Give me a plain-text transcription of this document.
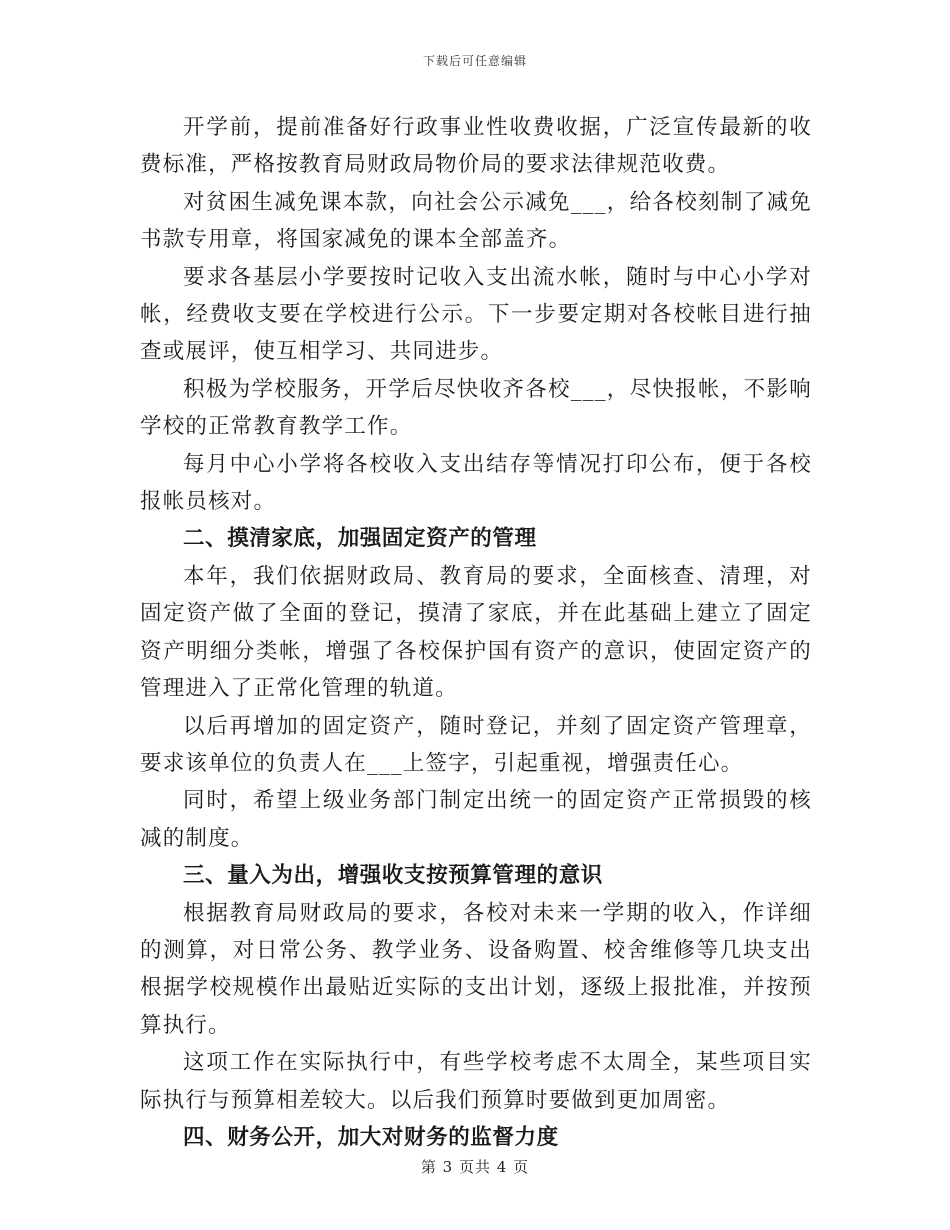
下载后可任意编辑

开学前，提前准备好行政事业性收费收据，广泛宣传最新的收费标准，严格按教育局财政局物价局的要求法律规范收费。

对贫困生减免课本款，向社会公示减免___，给各校刻制了减免书款专用章，将国家减免的课本全部盖齐。

要求各基层小学要按时记收入支出流水帐，随时与中心小学对帐，经费收支要在学校进行公示。下一步要定期对各校帐目进行抽查或展评，使互相学习、共同进步。

积极为学校服务，开学后尽快收齐各校___，尽快报帐，不影响学校的正常教育教学工作。

每月中心小学将各校收入支出结存等情况打印公布，便于各校报帐员核对。

二、摸清家底，加强固定资产的管理

本年，我们依据财政局、教育局的要求，全面核查、清理，对固定资产做了全面的登记，摸清了家底，并在此基础上建立了固定资产明细分类帐，增强了各校保护国有资产的意识，使固定资产的管理进入了正常化管理的轨道。

以后再增加的固定资产，随时登记，并刻了固定资产管理章，要求该单位的负责人在___上签字，引起重视，增强责任心。

同时，希望上级业务部门制定出统一的固定资产正常损毁的核减的制度。

三、量入为出，增强收支按预算管理的意识

根据教育局财政局的要求，各校对未来一学期的收入，作详细的测算，对日常公务、教学业务、设备购置、校舍维修等几块支出根据学校规模作出最贴近实际的支出计划，逐级上报批准，并按预算执行。

这项工作在实际执行中，有些学校考虑不太周全，某些项目实际执行与预算相差较大。以后我们预算时要做到更加周密。

四、财务公开，加大对财务的监督力度

第 3 页共 4 页
